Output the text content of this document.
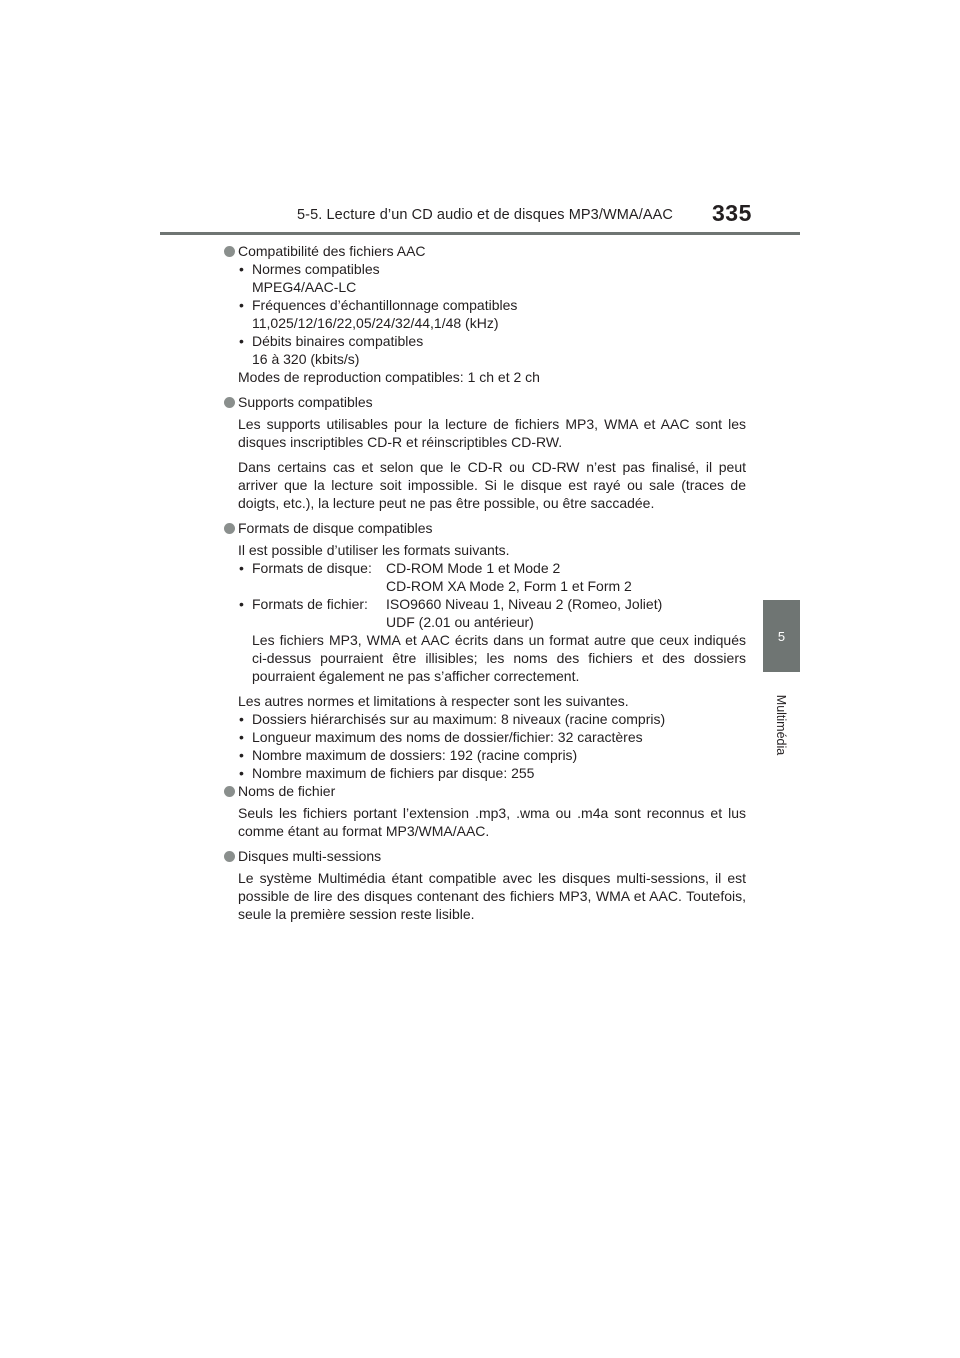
5-5. Lecture d’un CD audio et de disques MP3/WMA/AAC 335
5
Multimédia
Compatibilité des fichiers AAC
• Normes compatibles
MPEG4/AAC-LC
• Fréquences d’échantillonnage compatibles
11,025/12/16/22,05/24/32/44,1/48 (kHz)
• Débits binaires compatibles
16 à 320 (kbits/s)

Modes de reproduction compatibles: 1 ch et 2 ch

Supports compatibles

Les supports utilisables pour la lecture de fichiers MP3, WMA et AAC sont les disques inscriptibles CD-R et réinscriptibles CD-RW.

Dans certains cas et selon que le CD-R ou CD-RW n’est pas finalisé, il peut arriver que la lecture soit impossible. Si le disque est rayé ou sale (traces de doigts, etc.), la lecture peut ne pas être possible, ou être saccadée.

Formats de disque compatibles

Il est possible d’utiliser les formats suivants.

• Formats de disque:	CD-ROM Mode 1 et Mode 2
CD-ROM XA Mode 2, Form 1 et Form 2
• Formats de fichier:	ISO9660 Niveau 1, Niveau 2 (Romeo, Joliet)
UDF (2.01 ou antérieur)

Les fichiers MP3, WMA et AAC écrits dans un format autre que ceux indiqués ci-dessus pourraient être illisibles; les noms des fichiers et des dossiers pourraient également ne pas s’afficher correctement.

Les autres normes et limitations à respecter sont les suivantes.

• Dossiers hiérarchisés sur au maximum: 8 niveaux (racine compris)
• Longueur maximum des noms de dossier/fichier: 32 caractères
• Nombre maximum de dossiers: 192 (racine compris)
• Nombre maximum de fichiers par disque: 255
Noms de fichier

Seuls les fichiers portant l’extension .mp3, .wma ou .m4a sont reconnus et lus comme étant au format MP3/WMA/AAC.

Disques multi-sessions

Le système Multimédia étant compatible avec les disques multi-sessions, il est possible de lire des disques contenant des fichiers MP3, WMA et AAC. Toutefois, seule la première session reste lisible.
